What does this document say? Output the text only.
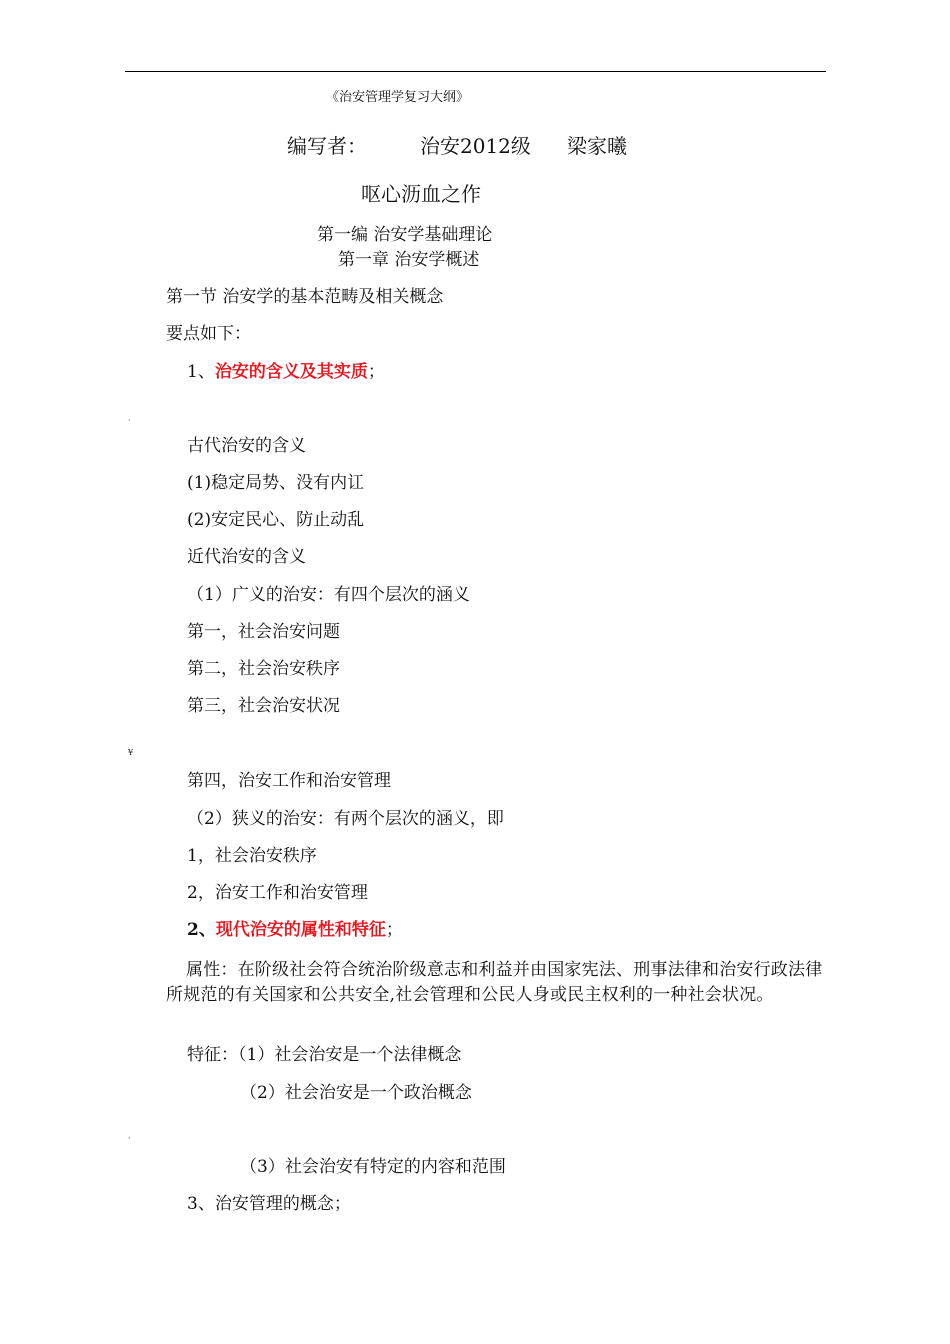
《治安管理学复习大纲》
编写者：	治安2012级 梁家曦
呕心沥血之作
第一编 治安学基础理论
第一章 治安学概述
第一节 治安学的基本范畴及相关概念
要点如下：
1、治安的含义及其实质；
·
古代治安的含义
(1)稳定局势、没有内讧
(2)安定民心、防止动乱
近代治安的含义
（1）广义的治安：有四个层次的涵义
第一，社会治安问题
第二，社会治安秩序
第三，社会治安状况
¥
第四，治安工作和治安管理
（2）狭义的治安：有两个层次的涵义，即
1，社会治安秩序
2，治安工作和治安管理
2、现代治安的属性和特征；
属性：在阶级社会符合统治阶级意志和利益并由国家宪法、刑事法律和治安行政法律所规范的有关国家和公共安全,社会管理和公民人身或民主权利的一种社会状况。
特征：（1）社会治安是一个法律概念
（2）社会治安是一个政治概念
·
（3）社会治安有特定的内容和范围
3、治安管理的概念；
